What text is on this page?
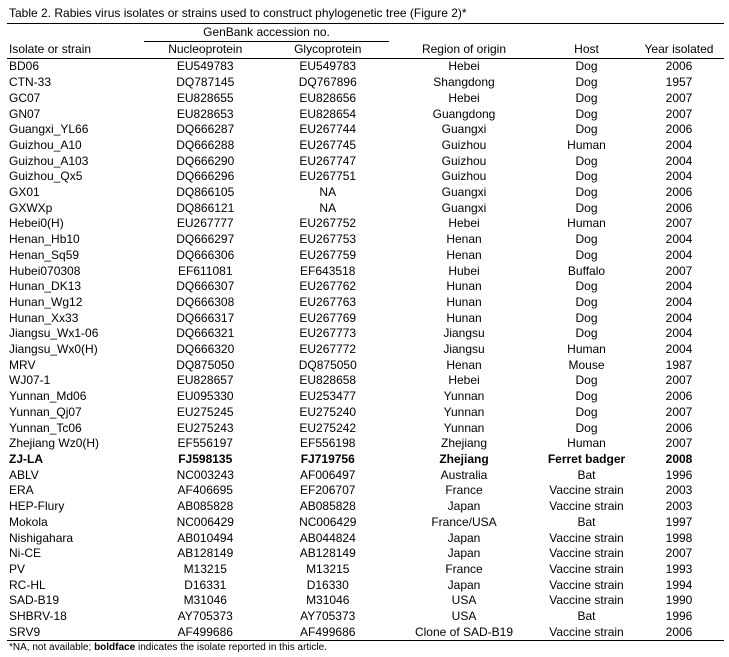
Table 2. Rabies virus isolates or strains used to construct phylogenetic tree (Figure 2)*

	GenBank accession no.				

Isolate or strain	Nucleoprotein	Glycoprotein	Region of origin	Host	Year isolated
BD06	EU549783	EU549783	Hebei	Dog	2006
CTN-33	DQ787145	DQ767896	Shangdong	Dog	1957
GC07	EU828655	EU828656	Hebei	Dog	2007
GN07	EU828653	EU828654	Guangdong	Dog	2007
Guangxi_YL66	DQ666287	EU267744	Guangxi	Dog	2006
Guizhou_A10	DQ666288	EU267745	Guizhou	Human	2004
Guizhou_A103	DQ666290	EU267747	Guizhou	Dog	2004
Guizhou_Qx5	DQ666296	EU267751	Guizhou	Dog	2004
GX01	DQ866105	NA	Guangxi	Dog	2006
GXWXp	DQ866121	NA	Guangxi	Dog	2006
Hebei0(H)	EU267777	EU267752	Hebei	Human	2007
Henan_Hb10	DQ666297	EU267753	Henan	Dog	2004
Henan_Sq59	DQ666306	EU267759	Henan	Dog	2004
Hubei070308	EF611081	EF643518	Hubei	Buffalo	2007
Hunan_DK13	DQ666307	EU267762	Hunan	Dog	2004
Hunan_Wg12	DQ666308	EU267763	Hunan	Dog	2004
Hunan_Xx33	DQ666317	EU267769	Hunan	Dog	2004
Jiangsu_Wx1-06	DQ666321	EU267773	Jiangsu	Dog	2004
Jiangsu_Wx0(H)	DQ666320	EU267772	Jiangsu	Human	2004
MRV	DQ875050	DQ875050	Henan	Mouse	1987
WJ07-1	EU828657	EU828658	Hebei	Dog	2007
Yunnan_Md06	EU095330	EU253477	Yunnan	Dog	2006
Yunnan_Qj07	EU275245	EU275240	Yunnan	Dog	2007
Yunnan_Tc06	EU275243	EU275242	Yunnan	Dog	2006
Zhejiang Wz0(H)	EF556197	EF556198	Zhejiang	Human	2007
ZJ-LA	FJ598135	FJ719756	Zhejiang	Ferret badger	2008
ABLV	NC003243	AF006497	Australia	Bat	1996
ERA	AF406695	EF206707	France	Vaccine strain	2003
HEP-Flury	AB085828	AB085828	Japan	Vaccine strain	2003
Mokola	NC006429	NC006429	France/USA	Bat	1997
Nishigahara	AB010494	AB044824	Japan	Vaccine strain	1998
Ni-CE	AB128149	AB128149	Japan	Vaccine strain	2007
PV	M13215	M13215	France	Vaccine strain	1993
RC-HL	D16331	D16330	Japan	Vaccine strain	1994
SAD-B19	M31046	M31046	USA	Vaccine strain	1990
SHBRV-18	AY705373	AY705373	USA	Bat	1996
SRV9	AF499686	AF499686	Clone of SAD-B19	Vaccine strain	2006
*NA, not available; boldface indicates the isolate reported in this article.
